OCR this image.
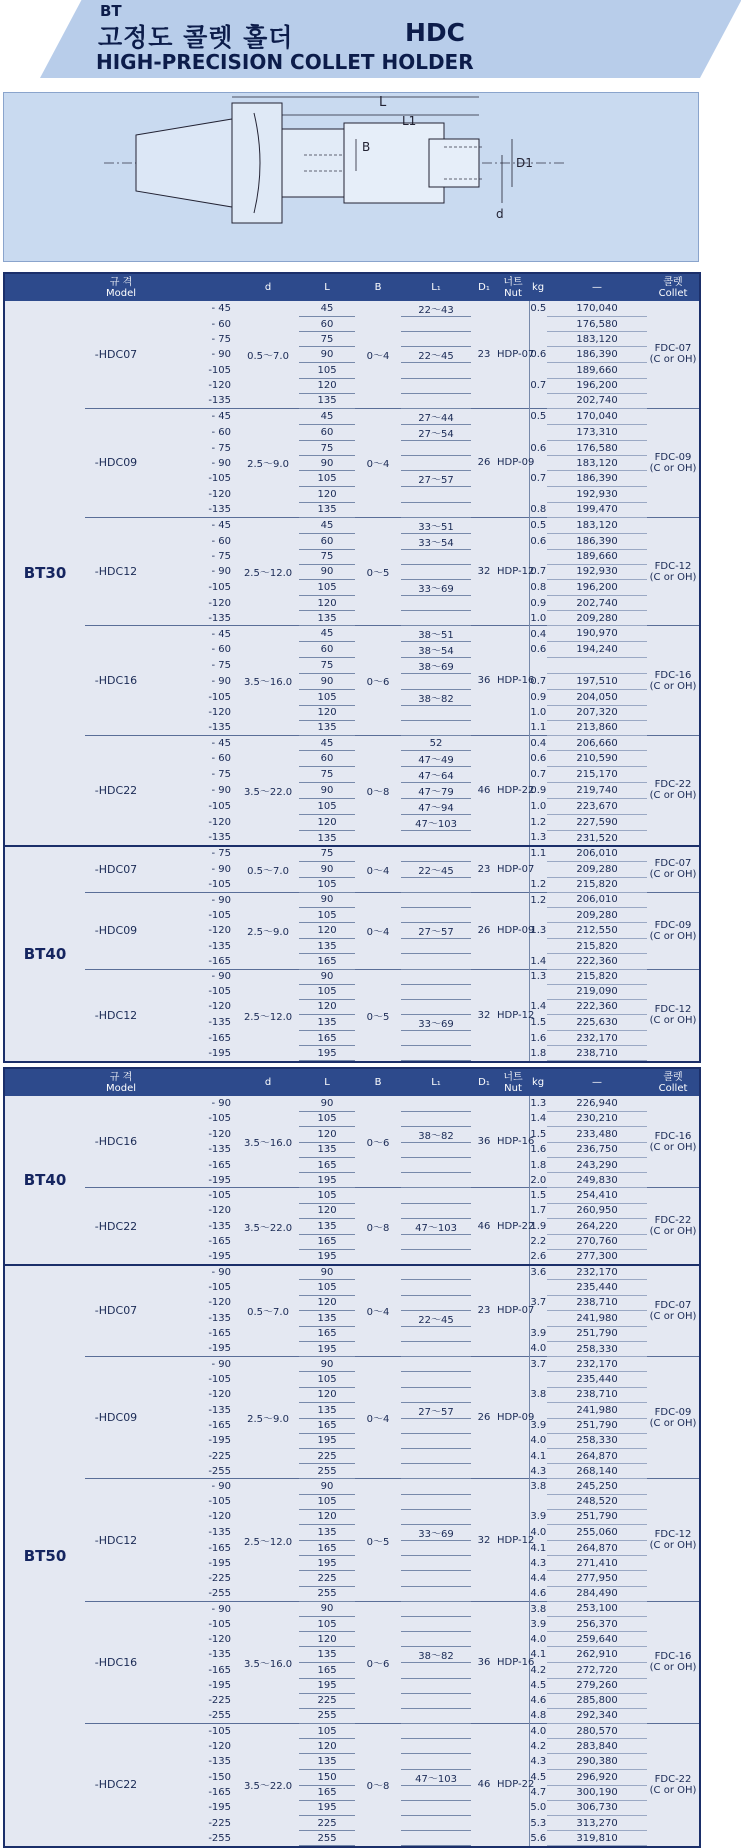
BT
고정도 콜렛 홀더	HDC
HIGH-PRECISION COLLET HOLDER
L
L1
B
D1
d
규 격
Model			d	L	B	L₁	D₁	너트
Nut	kg	—	콜렛
Collet	

BT30	-HDC07	- 45	0.5～7.0	45	0～4	22～43	23	HDP-07	0.5	170,040	FDC-07
(C or OH)	
		- 60		60						176,580		
		- 75		75						183,120		
		- 90		90		22～45			0.6	186,390		
		-105		105						189,660		
		-120		120					0.7	196,200		
		-135		135						202,740		
	-HDC09	- 45	2.5～9.0	45	0～4	27～44	26	HDP-09	0.5	170,040	FDC-09
(C or OH)	
		- 60		60		27～54				173,310		
		- 75		75					0.6	176,580		
		- 90		90						183,120		
		-105		105		27～57			0.7	186,390		
		-120		120						192,930		
		-135		135					0.8	199,470		
	-HDC12	- 45	2.5～12.0	45	0～5	33～51	32	HDP-12	0.5	183,120	FDC-12
(C or OH)	
		- 60		60		33～54			0.6	186,390		
		- 75		75						189,660		
		- 90		90					0.7	192,930		
		-105		105		33～69			0.8	196,200		
		-120		120					0.9	202,740		
		-135		135					1.0	209,280		
	-HDC16	- 45	3.5～16.0	45	0～6	38～51	36	HDP-16	0.4	190,970	FDC-16
(C or OH)	
		- 60		60		38～54			0.6	194,240		
		- 75		75		38～69						
		- 90		90					0.7	197,510		
		-105		105		38～82			0.9	204,050		
		-120		120					1.0	207,320		
		-135		135					1.1	213,860		
	-HDC22	- 45	3.5～22.0	45	0～8	52	46	HDP-22	0.4	206,660	FDC-22
(C or OH)	
		- 60		60		47～49			0.6	210,590		
		- 75		75		47～64			0.7	215,170		
		- 90		90		47～79			0.9	219,740		
		-105		105		47～94			1.0	223,670		
		-120		120		47～103			1.2	227,590		
		-135		135					1.3	231,520		
BT40	-HDC07	- 75	0.5～7.0	75	0～4		23	HDP-07	1.1	206,010	FDC-07
(C or OH)	
		- 90		90		22～45				209,280		
		-105		105					1.2	215,820		
	-HDC09	- 90	2.5～9.0	90	0～4		26	HDP-09	1.2	206,010	FDC-09
(C or OH)	
		-105		105						209,280		
		-120		120		27～57			1.3	212,550		
		-135		135						215,820		
		-165		165					1.4	222,360		
	-HDC12	- 90	2.5～12.0	90	0～5		32	HDP-12	1.3	215,820	FDC-12
(C or OH)	
		-105		105						219,090		
		-120		120					1.4	222,360		
		-135		135		33～69			1.5	225,630		
		-165		165					1.6	232,170		
		-195		195					1.8	238,710		
규 격
Model			d	L	B	L₁	D₁	너트
Nut	kg	—	콜렛
Collet	

BT40	-HDC16	- 90	3.5～16.0	90	0～6		36	HDP-16	1.3	226,940	FDC-16
(C or OH)	
		-105		105					1.4	230,210		
		-120		120		38～82			1.5	233,480		
		-135		135					1.6	236,750		
		-165		165					1.8	243,290		
		-195		195					2.0	249,830		
	-HDC22	-105	3.5～22.0	105	0～8		46	HDP-22	1.5	254,410	FDC-22
(C or OH)	
		-120		120					1.7	260,950		
		-135		135		47～103			1.9	264,220		
		-165		165					2.2	270,760		
		-195		195					2.6	277,300		
BT50	-HDC07	- 90	0.5～7.0	90	0～4		23	HDP-07	3.6	232,170	FDC-07
(C or OH)	
		-105		105						235,440		
		-120		120					3.7	238,710		
		-135		135		22～45				241,980		
		-165		165					3.9	251,790		
		-195		195					4.0	258,330		
	-HDC09	- 90	2.5～9.0	90	0～4		26	HDP-09	3.7	232,170	FDC-09
(C or OH)	
		-105		105						235,440		
		-120		120					3.8	238,710		
		-135		135		27～57				241,980		
		-165		165					3.9	251,790		
		-195		195					4.0	258,330		
		-225		225					4.1	264,870		
		-255		255					4.3	268,140		
	-HDC12	- 90	2.5～12.0	90	0～5		32	HDP-12	3.8	245,250	FDC-12
(C or OH)	
		-105		105						248,520		
		-120		120					3.9	251,790		
		-135		135		33～69			4.0	255,060		
		-165		165					4.1	264,870		
		-195		195					4.3	271,410		
		-225		225					4.4	277,950		
		-255		255					4.6	284,490		
	-HDC16	- 90	3.5～16.0	90	0～6		36	HDP-16	3.8	253,100	FDC-16
(C or OH)	
		-105		105					3.9	256,370		
		-120		120					4.0	259,640		
		-135		135		38～82			4.1	262,910		
		-165		165					4.2	272,720		
		-195		195					4.5	279,260		
		-225		225					4.6	285,800		
		-255		255					4.8	292,340		
	-HDC22	-105	3.5～22.0	105	0～8		46	HDP-22	4.0	280,570	FDC-22
(C or OH)	
		-120		120					4.2	283,840		
		-135		135					4.3	290,380		
		-150		150		47～103			4.5	296,920		
		-165		165					4.7	300,190		
		-195		195					5.0	306,730		
		-225		225					5.3	313,270		
		-255		255					5.6	319,810		
